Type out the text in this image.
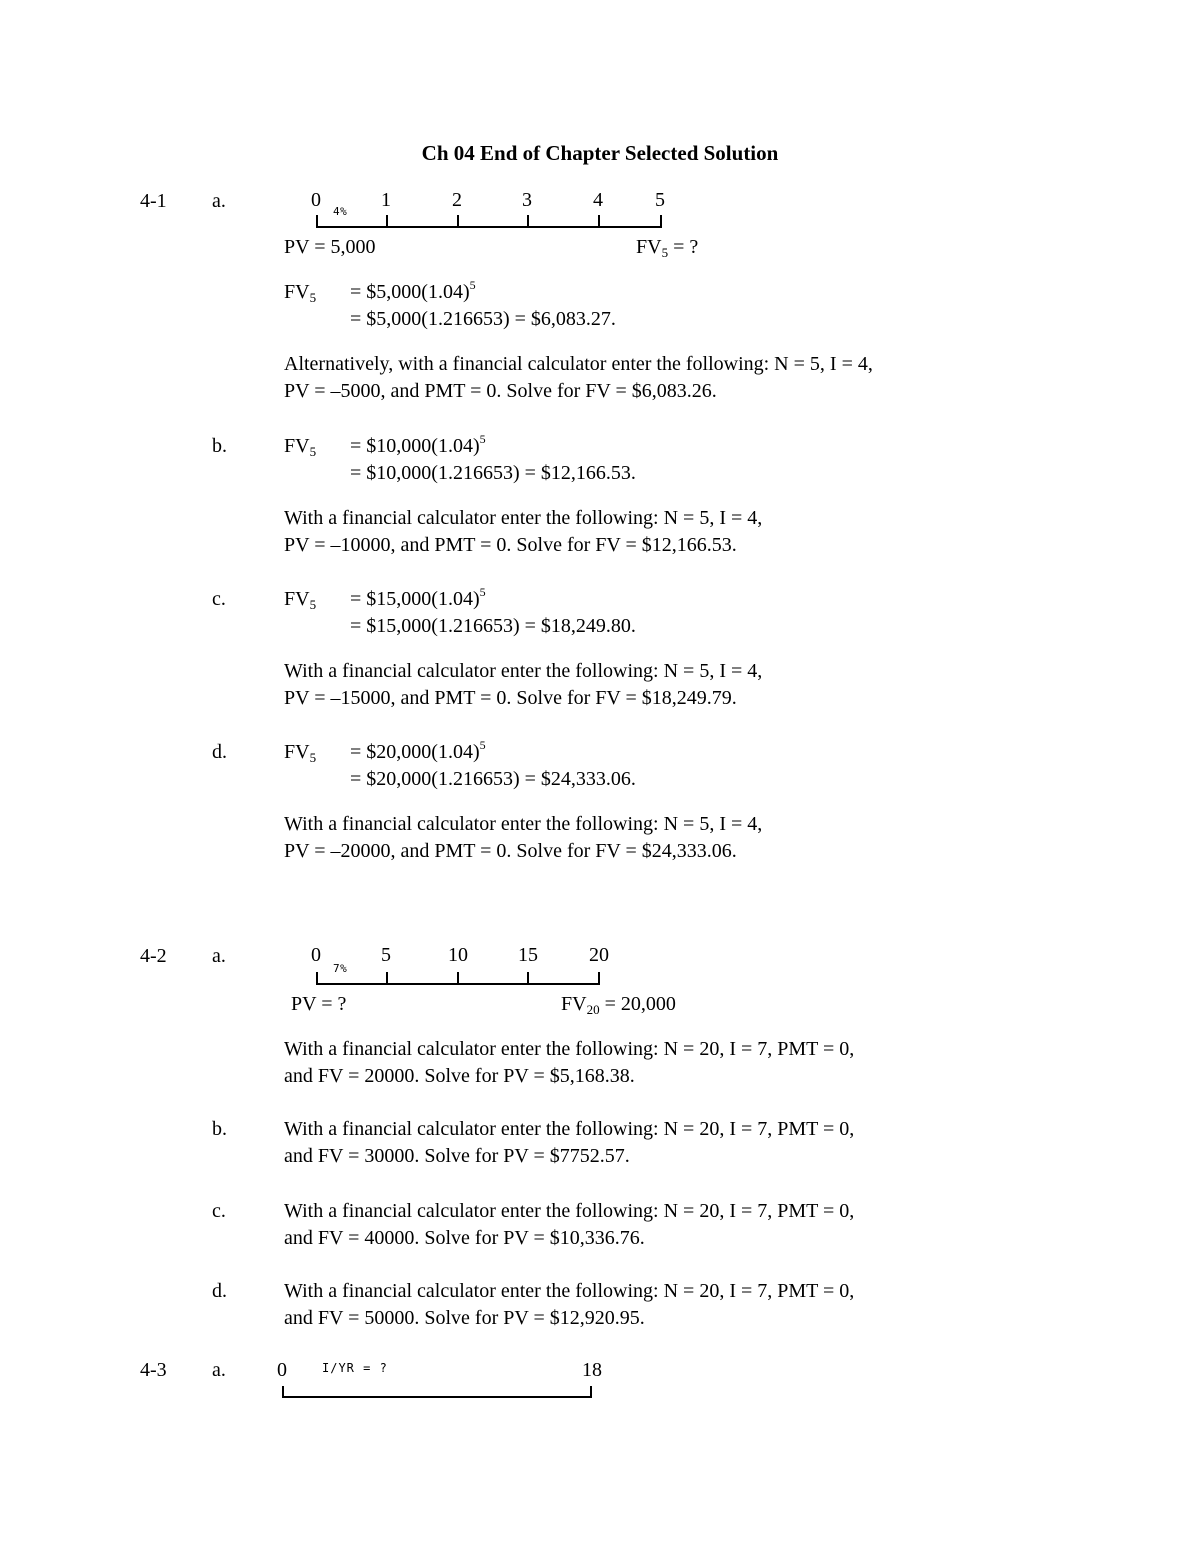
Ch 04 End of Chapter Selected Solution
4-1 a.	0	1	2	3	4	5
4%
PV = 5,000	$FV_5$ = ?
$FV_5$ = $\$5,000(1.04)^5$
= $5,000(1.216653) = $6,083.27.
Alternatively, with a financial calculator enter the following: N = 5, I = 4,
PV = –5000, and PMT = 0. Solve for FV = $6,083.26.
b.	$FV_5$ = $\$10,000(1.04)^5$
= $10,000(1.216653) = $12,166.53.
With a financial calculator enter the following: N = 5, I = 4,
PV = –10000, and PMT = 0. Solve for FV = $12,166.53.
c.	$FV_5$ = $\$15,000(1.04)^5$
= $15,000(1.216653) = $18,249.80.
With a financial calculator enter the following: N = 5, I = 4,
PV = –15000, and PMT = 0. Solve for FV = $18,249.79.
d.	$FV_5$ = $\$20,000(1.04)^5$
= $20,000(1.216653) = $24,333.06.
With a financial calculator enter the following: N = 5, I = 4,
PV = –20000, and PMT = 0. Solve for FV = $24,333.06.
4-2 a.	0	5	10	15	20
7%
PV = ?	$FV_{20} = 20,000$
With a financial calculator enter the following: N = 20, I = 7, PMT = 0,
and FV = 20000. Solve for PV = $5,168.38.
b.	With a financial calculator enter the following: N = 20, I = 7, PMT = 0,
and FV = 30000. Solve for PV = $7752.57.
c.	With a financial calculator enter the following: N = 20, I = 7, PMT = 0,
and FV = 40000. Solve for PV = $10,336.76.
d.	With a financial calculator enter the following: N = 20, I = 7, PMT = 0,
and FV = 50000. Solve for PV = $12,920.95.
4-3 a.	0	I/YR = ?	18
